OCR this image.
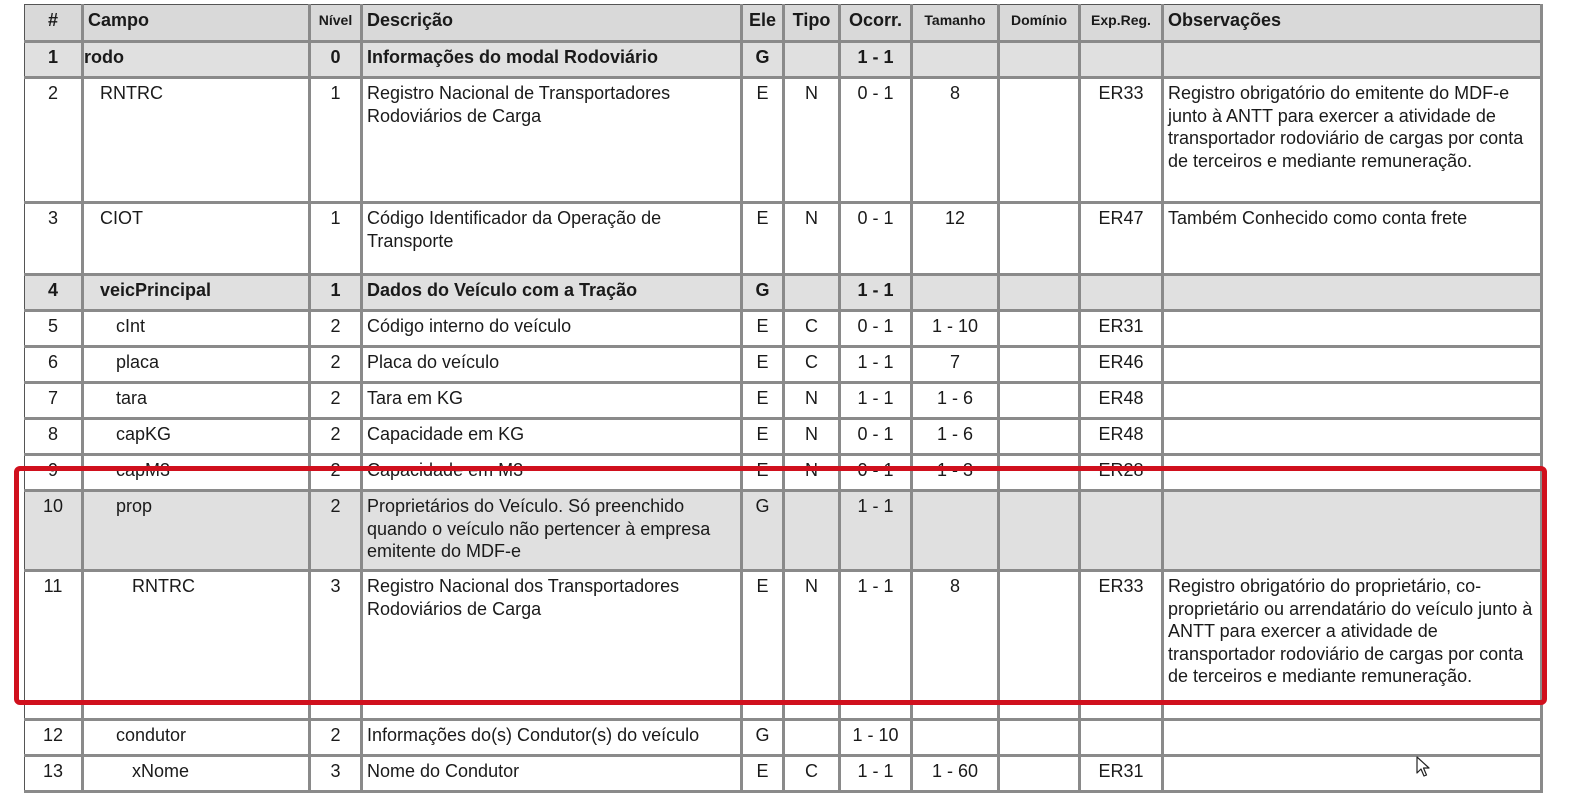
#	Campo	Nível	Descrição	Ele	Tipo	Ocorr.	Tamanho	Domínio	Exp.Reg.	Observações
1	rodo	0	Informações do modal Rodoviário	G		1 - 1				
2	RNTRC	1	Registro Nacional de Transportadores Rodoviários de Carga	E	N	0 - 1	8		ER33	Registro obrigatório do emitente do MDF-e junto à ANTT para exercer a atividade de transportador rodoviário de cargas por conta de terceiros e mediante remuneração.
3	CIOT	1	Código Identificador da Operação de Transporte	E	N	0 - 1	12		ER47	Também Conhecido como conta frete
4	veicPrincipal	1	Dados do Veículo com a Tração	G		1 - 1				
5	cInt	2	Código interno do veículo	E	C	0 - 1	1 - 10		ER31	
6	placa	2	Placa do veículo	E	C	1 - 1	7		ER46	
7	tara	2	Tara em KG	E	N	1 - 1	1 - 6		ER48	
8	capKG	2	Capacidade em KG	E	N	0 - 1	1 - 6		ER48	
9	capM3	2	Capacidade em M3	E	N	0 - 1	1 - 3		ER28	
10	prop	2	Proprietários do Veículo. Só preenchido quando o veículo não pertencer à empresa emitente do MDF-e	G		1 - 1				
11	RNTRC	3	Registro Nacional dos Transportadores Rodoviários de Carga	E	N	1 - 1	8		ER33	Registro obrigatório do proprietário, co-proprietário ou arrendatário do veículo junto à ANTT para exercer a atividade de transportador rodoviário de cargas por conta de terceiros e mediante remuneração.
12	condutor	2	Informações do(s) Condutor(s) do veículo	G		1 - 10				
13	xNome	3	Nome do Condutor	E	C	1 - 1	1 - 60		ER31	
